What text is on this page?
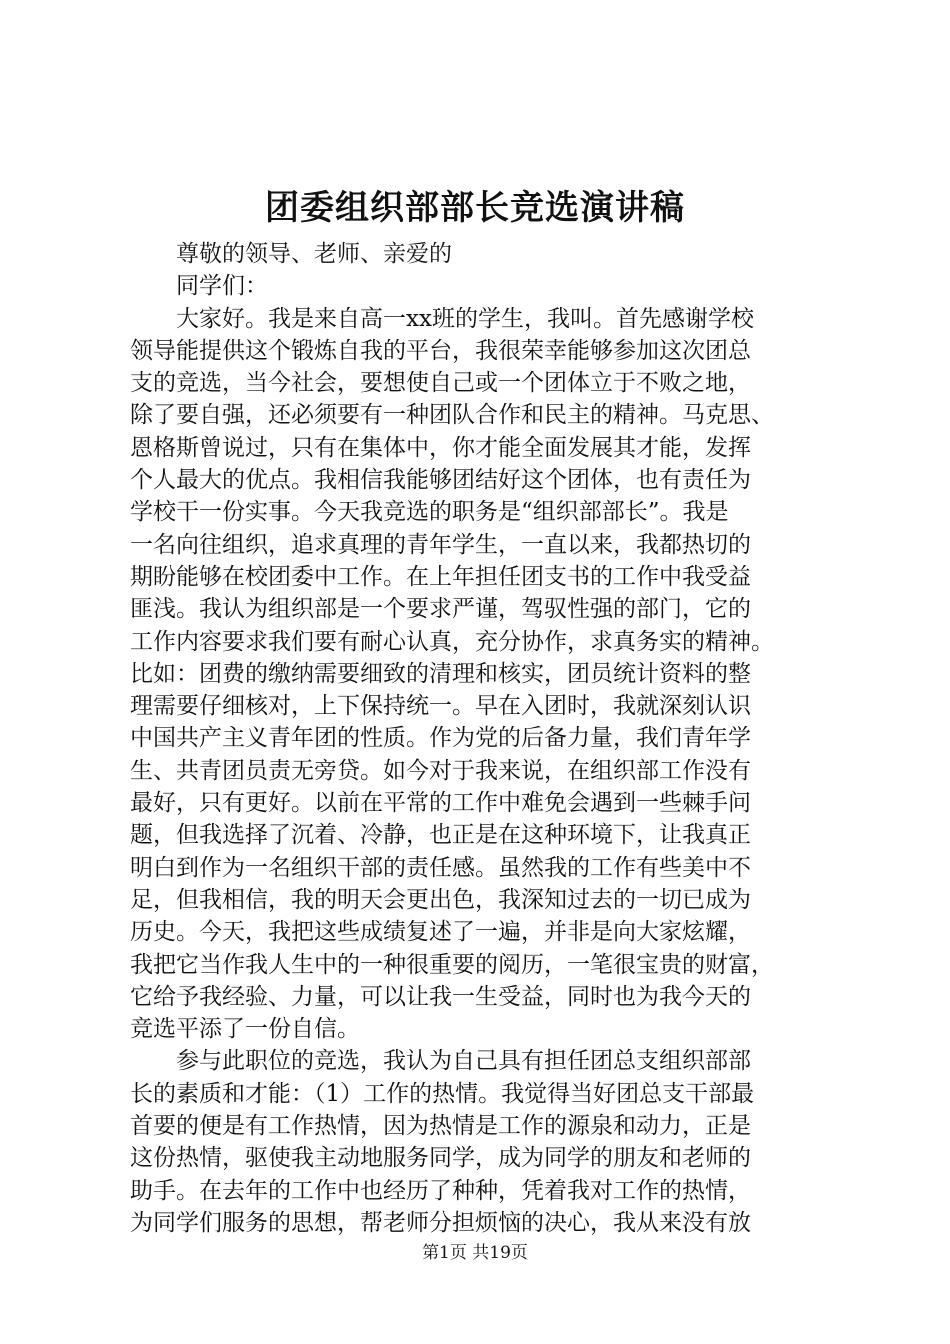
团委组织部部长竞选演讲稿
　　尊敬的领导、老师、亲爱的
　　同学们：
　　大家好。我是来自高一xx班的学生，我叫。首先感谢学校
领导能提供这个锻炼自我的平台，我很荣幸能够参加这次团总
支的竞选，当今社会，要想使自己或一个团体立于不败之地，
除了要自强，还必须要有一种团队合作和民主的精神。马克思、
恩格斯曾说过，只有在集体中，你才能全面发展其才能，发挥
个人最大的优点。我相信我能够团结好这个团体，也有责任为
学校干一份实事。今天我竞选的职务是“组织部部长”。我是
一名向往组织，追求真理的青年学生，一直以来，我都热切的
期盼能够在校团委中工作。在上年担任团支书的工作中我受益
匪浅。我认为组织部是一个要求严谨，驾驭性强的部门，它的
工作内容要求我们要有耐心认真，充分协作，求真务实的精神。
比如：团费的缴纳需要细致的清理和核实，团员统计资料的整
理需要仔细核对，上下保持统一。早在入团时，我就深刻认识
中国共产主义青年团的性质。作为党的后备力量，我们青年学
生、共青团员责无旁贷。如今对于我来说，在组织部工作没有
最好，只有更好。以前在平常的工作中难免会遇到一些棘手问
题，但我选择了沉着、冷静，也正是在这种环境下，让我真正
明白到作为一名组织干部的责任感。虽然我的工作有些美中不
足，但我相信，我的明天会更出色，我深知过去的一切已成为
历史。今天，我把这些成绩复述了一遍，并非是向大家炫耀，
我把它当作我人生中的一种很重要的阅历，一笔很宝贵的财富，
它给予我经验、力量，可以让我一生受益，同时也为我今天的
竞选平添了一份自信。
　　参与此职位的竞选，我认为自己具有担任团总支组织部部
长的素质和才能：（1）工作的热情。我觉得当好团总支干部最
首要的便是有工作热情，因为热情是工作的源泉和动力，正是
这份热情，驱使我主动地服务同学，成为同学的朋友和老师的
助手。在去年的工作中也经历了种种，凭着我对工作的热情，
为同学们服务的思想，帮老师分担烦恼的决心，我从来没有放
第1页 共19页
